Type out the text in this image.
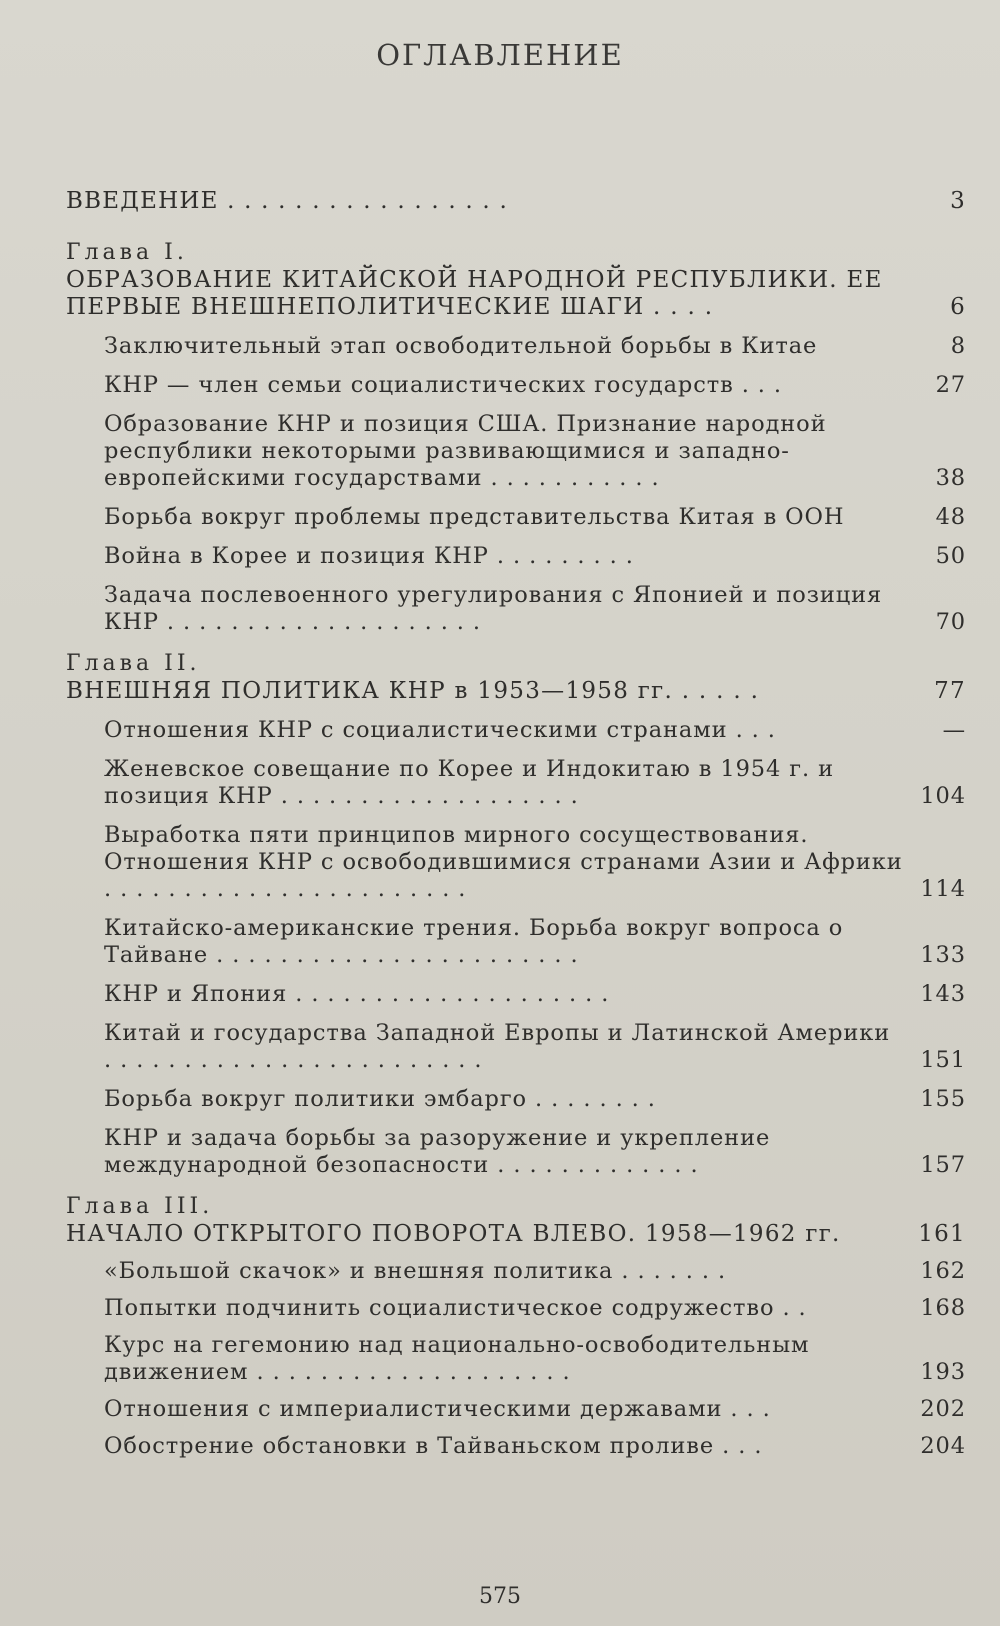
ОГЛАВЛЕНИЕ
ВВЕДЕНИЕ . . . . . . . . . . . . . . . . .	3
Глава I.
ОБРАЗОВАНИЕ КИТАЙСКОЙ НАРОДНОЙ РЕСПУБЛИКИ. ЕЕ ПЕРВЫЕ ВНЕШНЕПОЛИТИЧЕСКИЕ ШАГИ . . . .	6
Заключительный этап освободительной борьбы в Китае	8
КНР — член семьи социалистических государств . . .	27
Образование КНР и позиция США. Признание народной республики некоторыми развивающимися и западно-европейскими государствами . . . . . . . . . . .	38
Борьба вокруг проблемы представительства Китая в ООН	48
Война в Корее и позиция КНР . . . . . . . . .	50
Задача послевоенного урегулирования с Японией и позиция КНР . . . . . . . . . . . . . . . . . . . .	70
Глава II.
ВНЕШНЯЯ ПОЛИТИКА КНР в 1953—1958 гг. . . . . .	77
Отношения КНР с социалистическими странами . . .	—
Женевское совещание по Корее и Индокитаю в 1954 г. и позиция КНР . . . . . . . . . . . . . . . . . . .	104
Выработка пяти принципов мирного сосуществования. Отношения КНР с освободившимися странами Азии и Африки . . . . . . . . . . . . . . . . . . . . . . .	114
Китайско-американские трения. Борьба вокруг вопроса о Тайване . . . . . . . . . . . . . . . . . . . . . . .	133
КНР и Япония . . . . . . . . . . . . . . . . . . . .	143
Китай и государства Западной Европы и Латинской Америки . . . . . . . . . . . . . . . . . . . . . . . .	151
Борьба вокруг политики эмбарго . . . . . . . .	155
КНР и задача борьбы за разоружение и укрепление международной безопасности . . . . . . . . . . . . .	157
Глава III.
НАЧАЛО ОТКРЫТОГО ПОВОРОТА ВЛЕВО. 1958—1962 гг.	161
«Большой скачок» и внешняя политика . . . . . . .	162
Попытки подчинить социалистическое содружество . .	168
Курс на гегемонию над национально-освободительным движением . . . . . . . . . . . . . . . . . . . .	193
Отношения с империалистическими державами . . .	202
Обострение обстановки в Тайваньском проливе . . .	204
575
